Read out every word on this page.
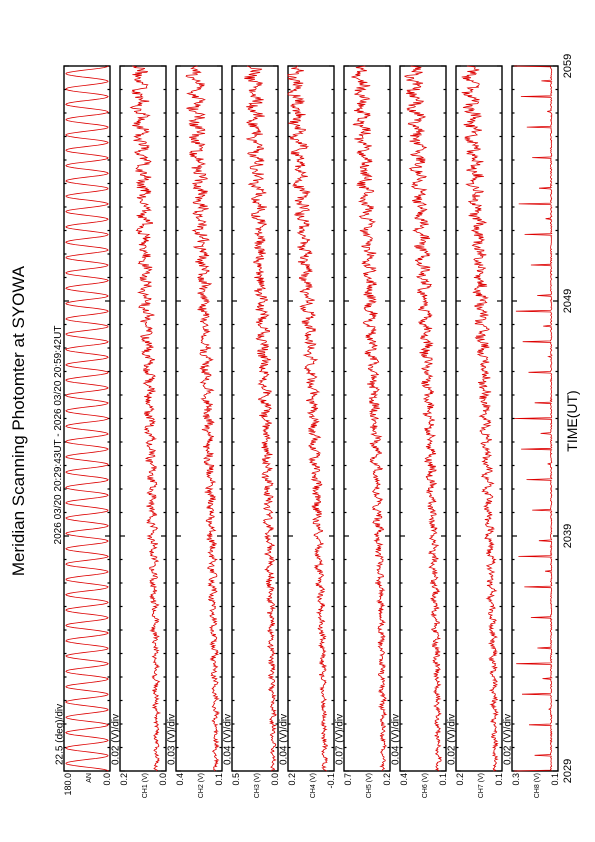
Meridian Scanning Photomter at SYOWA	2026 03/20 20:29:43UT - 2026 03/20 20:59:42UT	TIME(UT)
180.0	0.0
AN
22.5 (deg)/div
0.2	0.0
CH1 (V)
0.02 (V)/div
0.4	0.1
CH2 (V)
0.03 (V)/div
0.5	0.0
CH3 (V)
0.04 (V)/div
0.2	-0.1
CH4 (V)
0.04 (V)/div
0.7	0.2
CH5 (V)
0.07 (V)/div
0.4	0.1
CH6 (V)
0.04 (V)/div
0.2	0.1
CH7 (V)
0.02 (V)/div
0.3	0.1
CH8 (V)
0.02 (V)/div
2029
2039
2049
2059
